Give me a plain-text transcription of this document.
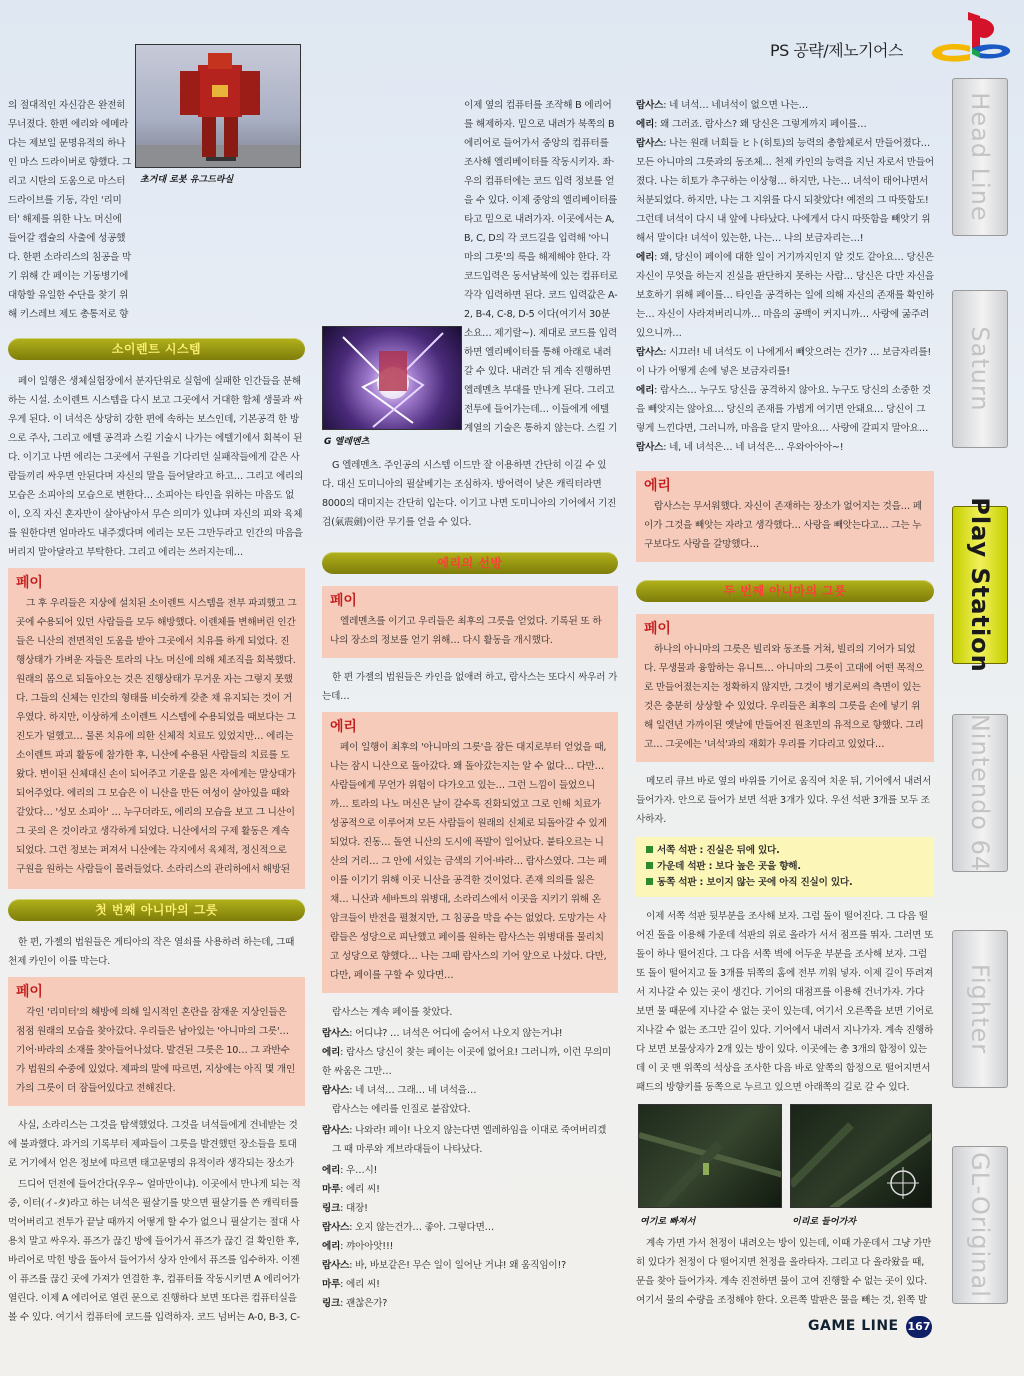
PS 공략/제노기어스
초거대 로봇 유그드라실
소이렌트 시스템

페이 일행은 생체실험장에서 분자단위로 실험에 실패한 인간들을 분해하는 시설. 소이렌트 시스템을 다시 보고 그곳에서 거대한 합체 생물과 싸우게 된다. 이 녀석은 상당히 강한 편에 속하는 보스인데, 기본공격 한 방으로 주사, 그리고 에텔 공격과 스킬 기술시 나가는 에텔기에서 회복이 된다. 이기고 나면 에리는 그곳에서 구원을 기다리던 실패작들에게 같은 사람들끼리 싸우면 안된다며 자신의 말을 들어달라고 하고… 그리고 에리의 모습은 소피아의 모습으로 변한다… 소피아는 타인을 위하는 마음도 없이, 오직 자신 혼자만이 살아남아서 무슨 의미가 있냐며 자신의 피와 육체를 원한다면 얼마라도 내주겠다며 에리는 모든 그만두라고 인간의 마음을 버리지 말아달라고 부탁한다. 그리고 에리는 쓰러지는데…

페이

그 후 우리들은 지상에 설치된 소이렌트 시스템을 전부 파괴했고 그곳에 수용되어 있던 사람들을 모두 해방했다. 이렌체를 변해버린 인간들은 니산의 전면적인 도움을 받아 그곳에서 치유를 하게 되었다. 진행상태가 가벼운 자들은 토라의 나노 머신에 의해 체조직을 회복했다. 원래의 몸으로 되돌아오는 것은 진행상태가 무거운 자는 그렇지 못했다. 그들의 신체는 인간의 형태를 비슷하게 갖춘 채 유지되는 것이 거우였다. 하지만, 이상하게 소이렌트 시스템에 수용되었을 때보다는 그 진도가 덜했고… 물론 치유에 의한 신체적 치료도 있었지만… 에리는 소이렌트 파괴 활동에 참가한 후, 니산에 수용된 사람들의 치료를 도왔다. 변이된 신체대신 손이 되어주고 기운을 잃은 자에게는 말상대가 되어주었다. 에리의 그 모습은 이 니산을 만든 여성이 살아있을 때와 같았다… '성모 소피아' … 누구더라도, 에리의 모습을 보고 그 니산이 그 곳의 은 것이라고 생각하게 되었다. 니산에서의 구제 활동은 계속되었다. 그런 정보는 퍼져서 니산에는 각지에서 육체적, 정신적으로 구원을 원하는 사람들이 몰려들었다. 소라리스의 관리하에서 해방된

첫 번째 아니마의 그릇

한 편, 가젤의 법원들은 게티아의 작은 열쇠를 사용하려 하는데, 그때 천제 카인이 이를 막는다.

페이

각인 '리미터'의 해방에 의해 일시적인 혼란을 잠재운 지상인들은 점점 원래의 모습을 찾아갔다. 우리들은 남아있는 '아니마의 그릇'… 기어·바라의 소재를 찾아들어나섰다. 발견된 그릇은 10… 그 과반수가 법원의 수중에 있었다. 제파의 말에 따르면, 지상에는 아직 몇 개인가의 그릇이 더 잠들어있다고 전해진다.

사실, 소라리스는 그것을 탐색했었다. 그것을 녀석들에게 건네받는 것에 불과했다. 과거의 기록부터 제파들이 그릇을 발견했던 장소들을 토대로 거기에서 얻은 정보에 따르면 태고문명의 유적이라 생각되는 장소가

드디어 던전에 들어간다(우우~ 얼마만이냐). 이곳에서 만나게 되는 적 중, 이터(イ-タ)라고 하는 녀석은 필살기를 맞으면 필살기를 쓴 캐릭터를 먹어버리고 전투가 끝날 때까지 어떻게 할 수가 없으니 필살기는 절대 사용치 말고 싸우자. 퓨즈가 끊긴 방에 들어가서 퓨즈가 끊긴 걸 확인한 후, 바리어로 막힌 방을 돌아서 들어가서 상자 안에서 퓨즈를 입수하자. 이젠 이 퓨즈를 끊긴 곳에 가져가 연결한 후, 컴퓨터를 작동시키면 A 에리어가 열린다. 이제 A 에리어로 열린 문으로 진행하다 보면 또다른 컴퓨터실을 볼 수 있다. 여기서 컴퓨터에 코드를 입력하자. 코드 넘버는 A-0, B-3, C-

의 절대적인 자신감은 완전히 무너졌다. 한편 에리와 에메라다는 제보일 문명유적의 하나인 마스 드라이버로 향했다. 그리고 시탄의 도움으로 마스터 드라이브를 기동, 각인 '리미터' 해제를 위한 나노 머신에 들어갈 캡슐의 사출에 성공했다. 한편 소라리스의 침공을 막기 위해 간 페이는 기동병기에 대항할 유일한 수단을 찾기 위해 키스레브 제도 총통저로 향

이제 옆의 컴퓨터를 조작해 B 에리어를 해제하자. 밑으로 내려가 북쪽의 B 에리어로 들어가서 중앙의 컴퓨터를 조사해 엘리베이터를 작동시키자. 좌·우의 컴퓨터에는 코드 입력 정보를 얻을 수 있다. 이제 중앙의 엘리베이터를 타고 밑으로 내려가자. 이곳에서는 A, B, C, D의 각 코드길을 입력해 '아니마의 그릇'의 룩을 해제해야 한다. 각 코드입력은 동서남북에 있는 컴퓨터로 각각 입력하면 된다. 코드 입력값은 A-2, B-4, C-8, D-5 이다(여기서 30분 소요… 제기랄~). 제대로 코드를 입력하면 엘리베이터를 통해 아래로 내려갈 수 있다. 내려간 뒤 계속 진행하면 엘레멘츠 부대를 만나게 된다. 그리고 전투에 들어가는데… 이들에게 에텔 계열의 기술은 통하지 않는다. 스킬 기

G 엘레멘츠

G 엘레멘츠. 주인공의 시스템 이드만 잘 이용하면 간단히 이길 수 있다. 대신 도미니아의 필살베기는 조심하자. 방어력이 낮은 캐릭터라면 8000의 대미지는 간단히 입는다. 이기고 나면 도미니아의 기어에서 기진검(氣震劍)이란 무기를 얻을 수 있다.

에리의 선방
페이

엘레멘츠를 이기고 우리들은 최후의 그릇을 얻었다. 기록된 또 하나의 장소의 정보를 얻기 위해… 다시 활동을 개시했다.

한 편 가젤의 법원들은 카인을 없애려 하고, 람사스는 또다시 싸우러 가는데…

에리

페이 일행이 최후의 '아니마의 그릇'을 잠든 대지로부터 얻었을 때, 나는 잠시 니산으로 돌아갔다. 왜 돌아갔는지는 알 수 없다… 다만… 사람들에게 무언가 위험이 다가오고 있는… 그런 느낌이 들었으니까… 토라의 나노 머신은 날이 갈수록 진화되었고 그로 인해 치료가 성공적으로 이루어져 모든 사람들이 원래의 신체로 되돌아갈 수 있게 되었다. 진동… 돌연 니산의 도시에 폭발이 일어났다. 붙타오르는 니산의 거리… 그 안에 서있는 금색의 기어·바라… 람사스였다. 그는 페이를 이기기 위해 이곳 니산을 공격한 것이었다. 존재 의의를 잃은 채… 니산과 세바트의 위병대, 소라리스에서 이곳을 지키기 위해 온 암크들이 반전을 펼쳤지만, 그 침공을 막을 수는 없었다. 도망가는 사람들은 성당으로 피난했고 페이를 원하는 람사스는 위병대를 물리치고 성당으로 향했다… 나는 그때 람사스의 기어 앞으로 나섰다. 다만, 다만, 페이를 구할 수 있다면…

람사스는 계속 페이를 찾았다.

람사스: 어디냐? … 녀석은 어디에 숨어서 나오지 않는거냐!
에리: 람사스 당신이 찾는 페이는 이곳에 없어요! 그러니까, 이런 무의미한 싸움은 그만…
람사스: 네 녀석… 그래… 네 녀석을…

람사스는 에리를 인질로 붙잡았다.

람사스: 나와라! 페이! 나오지 않는다면 엘레하임을 이대로 죽여버리겠

그 때 마루와 게브라대들이 나타났다.

에리: 우…시!
마루: 에리 씨!
링크: 대장!
람사스: 오지 않는건가… 좋아. 그렇다면…
에리: 꺄아아앗!!!
람사스: 바, 바보같은! 무슨 일이 일어난 거냐! 왜 움직임이!?
마루: 에리 씨!
링크: 괜찮은가?
람사스: 네 녀석… 네녀석이 없으면 나는…
에리: 왜 그러죠. 람사스? 왜 당신은 그렇게까지 페이를…
람사스: 나는 원래 너희들 ヒト(히토)의 능력의 총합체로서 만들어졌다… 모든 아니마의 그릇과의 동조체… 천제 카인의 능력을 지닌 자로서 만들어졌다. 나는 히토가 추구하는 이상형… 하지만, 나는… 녀석이 태어나면서 처분되었다. 하지만, 나는 그 지위를 다시 되찾았다! 예전의 그 따뜻함도! 그런데 녀석이 다시 내 앞에 나타났다. 나에게서 다시 따뜻함을 빼앗기 위해서 말이다! 녀석이 있는한, 나는… 나의 보금자리는…!
에리: 왜, 당신이 페이에 대한 일이 거기까지인지 알 것도 같아요… 당신은 자신이 무엇을 하는지 진실을 판단하지 못하는 사람… 당신은 다만 자신을 보호하기 위해 페이를… 타인을 공격하는 일에 의해 자신의 존재를 확인하는… 자신이 사라져버리니까… 마음의 공백이 커지니까… 사랑에 굶주려 있으니까…
람사스: 시끄러! 네 녀석도 이 나에게서 빼앗으려는 건가? … 보금자리를! 이 나가 어떻게 손에 넣은 보금자리를!
에리: 람사스… 누구도 당신을 공격하지 않아요. 누구도 당신의 소중한 것을 빼앗지는 않아요… 당신의 존재를 가볍게 여기면 안돼요… 당신이 그렇게 느낀다면, 그러니까, 마음을 닫지 말아요… 사랑에 갈피지 말아요…
람사스: 네, 네 녀석은… 네 녀석은… 우와아아아~!
에리

람사스는 무서워했다. 자신이 존재하는 장소가 없어지는 것을… 페이가 그것을 빼앗는 자라고 생각했다… 사랑을 빼앗는다고… 그는 누구보다도 사랑을 갈망했다…

두 번째 아니마의 그릇
페이

하나의 아니마의 그릇은 빌리와 동조를 거쳐, 빌리의 기어가 되었다. 무생물과 융합하는 유니트… 아니마의 그릇이 고대에 어떤 목적으로 만들어졌는지는 정확하지 않지만, 그것이 병기로써의 측면이 있는 것은 충분히 상상할 수 있었다. 우리들은 최후의 그릇을 손에 넣기 위해 일련년 가까이된 옛날에 만들어진 원초민의 유적으로 향했다. 그리고… 그곳에는 '녀석'과의 재회가 우리를 기다리고 있었다…

메모리 큐브 바로 옆의 바위를 기어로 움직여 치운 뒤, 기어에서 내려서 들어가자. 안으로 들어가 보면 석판 3개가 있다. 우선 석판 3개를 모두 조사하자.

서쪽 석판 : 진실은 뒤에 있다.
가운데 석판 : 보다 높은 곳을 향해.
동쪽 석판 : 보이지 않는 곳에 아직 진실이 있다.

이제 서쪽 석판 뒷부분을 조사해 보자. 그럼 돌이 떨어진다. 그 다음 떨어진 돌을 이용해 가운데 석판의 위로 올라가 서서 점프를 뛰자. 그러면 또 돌이 하나 떨어진다. 그 다음 서쪽 벽에 어두운 부분을 조사해 보자. 그럼 또 돌이 떨어지고 돌 3개를 뒤쪽의 홈에 전부 끼워 넣자. 이제 길이 뚜려져서 지나갈 수 있는 곳이 생긴다. 기어의 대점프를 이용해 건너가자. 가다 보면 물 때문에 지나갈 수 없는 곳이 있는데, 여기서 오른쪽을 보면 기어로 지나갈 수 없는 조그만 길이 있다. 기어에서 내려서 지나가자. 계속 진행하다 보면 보물상자가 2개 있는 방이 있다. 이곳에는 총 3개의 함정이 있는데 이 곳 맨 위쪽의 석상을 조사한 다음 바로 앞쪽의 함정으로 떨어지면서 패드의 방향키를 동쪽으로 누르고 있으면 아래쪽의 길로 갈 수 있다.

여기로 빠져서	이리로 들어가자

계속 가면 가서 천정이 내려오는 방이 있는데, 이때 가운데서 그냥 가만히 있다가 천정이 다 떨어지면 천정을 올라타자. 그리고 다 올라왔을 때, 문을 찾아 들어가자. 계속 진전하면 물이 고여 진행할 수 없는 곳이 있다. 여기서 물의 수량을 조정해야 한다. 오른쪽 발판은 물을 빼는 것, 왼쪽 발

Head Line
Saturn
Play Station
Nintendo 64
Fighter
GL-Original
GAME LINE 167
